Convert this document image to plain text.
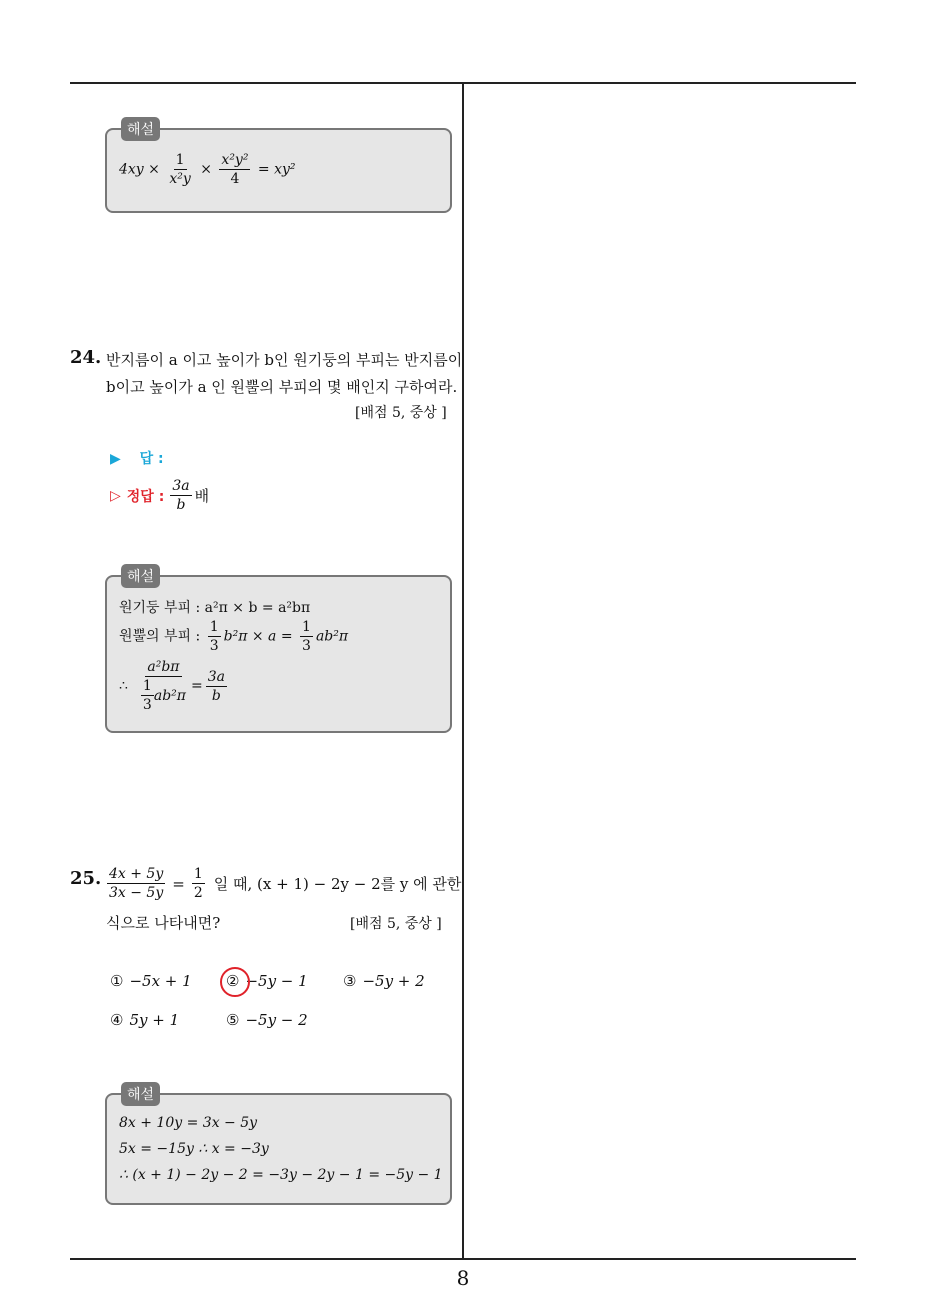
해설
$4xy \times \frac{1}{\text{x²y}} \times \frac{\text{x²y²}}{4} = xy^2$
24. 반지름이 a 이고 높이가 b인 원기둥의 부피는 반지름이
b이고 높이가 a 인 원뿔의 부피의 몇 배인지 구하여라.
[배점 5, 중상 ]
▶ 답 :
▷ 정답 : $\frac{3a}{b}$ 배
해설
원기둥 부피 : a²π × b = a²bπ
원뿔의 부피 : $\frac{1}{3} b^2\pi \times a = \frac{1}{3} ab^2\pi$
∴ $\frac{\text{a²bπ}}{\frac{1}{3} ab^2\pi} = \frac{3a}{b}$
25. $\frac{4x + 5y}{3x - 5y} = \frac{1}{2}$ 일 때, (x + 1) − 2y − 2를 y 에 관한
식으로 나타내면?	[배점 5, 중상 ]
① −5x + 1 ② −5y − 1 ③ −5y + 2
④ 5y + 1	⑤ −5y − 2
해설
8x + 10y = 3x − 5y
5x = −15y ∴ x = −3y
∴ (x + 1) − 2y − 2 = −3y − 2y − 1 = −5y − 1
8
